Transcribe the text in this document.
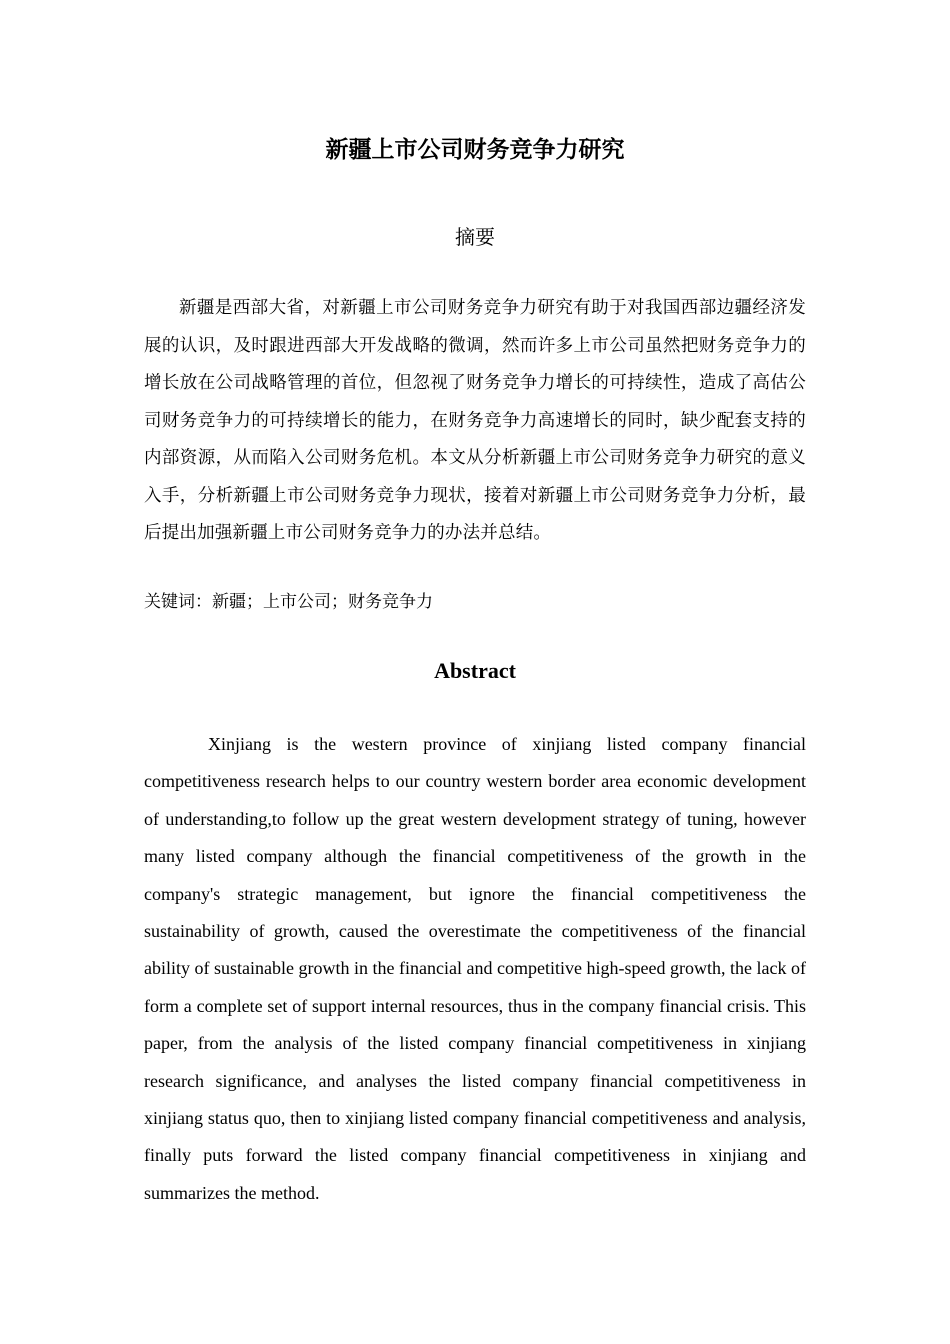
新疆上市公司财务竞争力研究
摘要

新疆是西部大省，对新疆上市公司财务竞争力研究有助于对我国西部边疆经济发展的认识，及时跟进西部大开发战略的微调，然而许多上市公司虽然把财务竞争力的增长放在公司战略管理的首位，但忽视了财务竞争力增长的可持续性，造成了高估公司财务竞争力的可持续增长的能力，在财务竞争力高速增长的同时，缺少配套支持的内部资源，从而陷入公司财务危机。本文从分析新疆上市公司财务竞争力研究的意义入手，分析新疆上市公司财务竞争力现状，接着对新疆上市公司财务竞争力分析，最后提出加强新疆上市公司财务竞争力的办法并总结。

关键词：新疆；上市公司；财务竞争力

Abstract

Xinjiang is the western province of xinjiang listed company financial competitiveness research helps to our country western border area economic development of understanding,to follow up the great western development strategy of tuning, however many listed company although the financial competitiveness of the growth in the company's strategic management, but ignore the financial competitiveness the sustainability of growth, caused the overestimate the competitiveness of the financial ability of sustainable growth in the financial and competitive high-speed growth, the lack of form a complete set of support internal resources, thus in the company financial crisis. This paper, from the analysis of the listed company financial competitiveness in xinjiang research significance, and analyses the listed company financial competitiveness in xinjiang status quo, then to xinjiang listed company financial competitiveness and analysis, finally puts forward the listed company financial competitiveness in xinjiang and summarizes the method.
